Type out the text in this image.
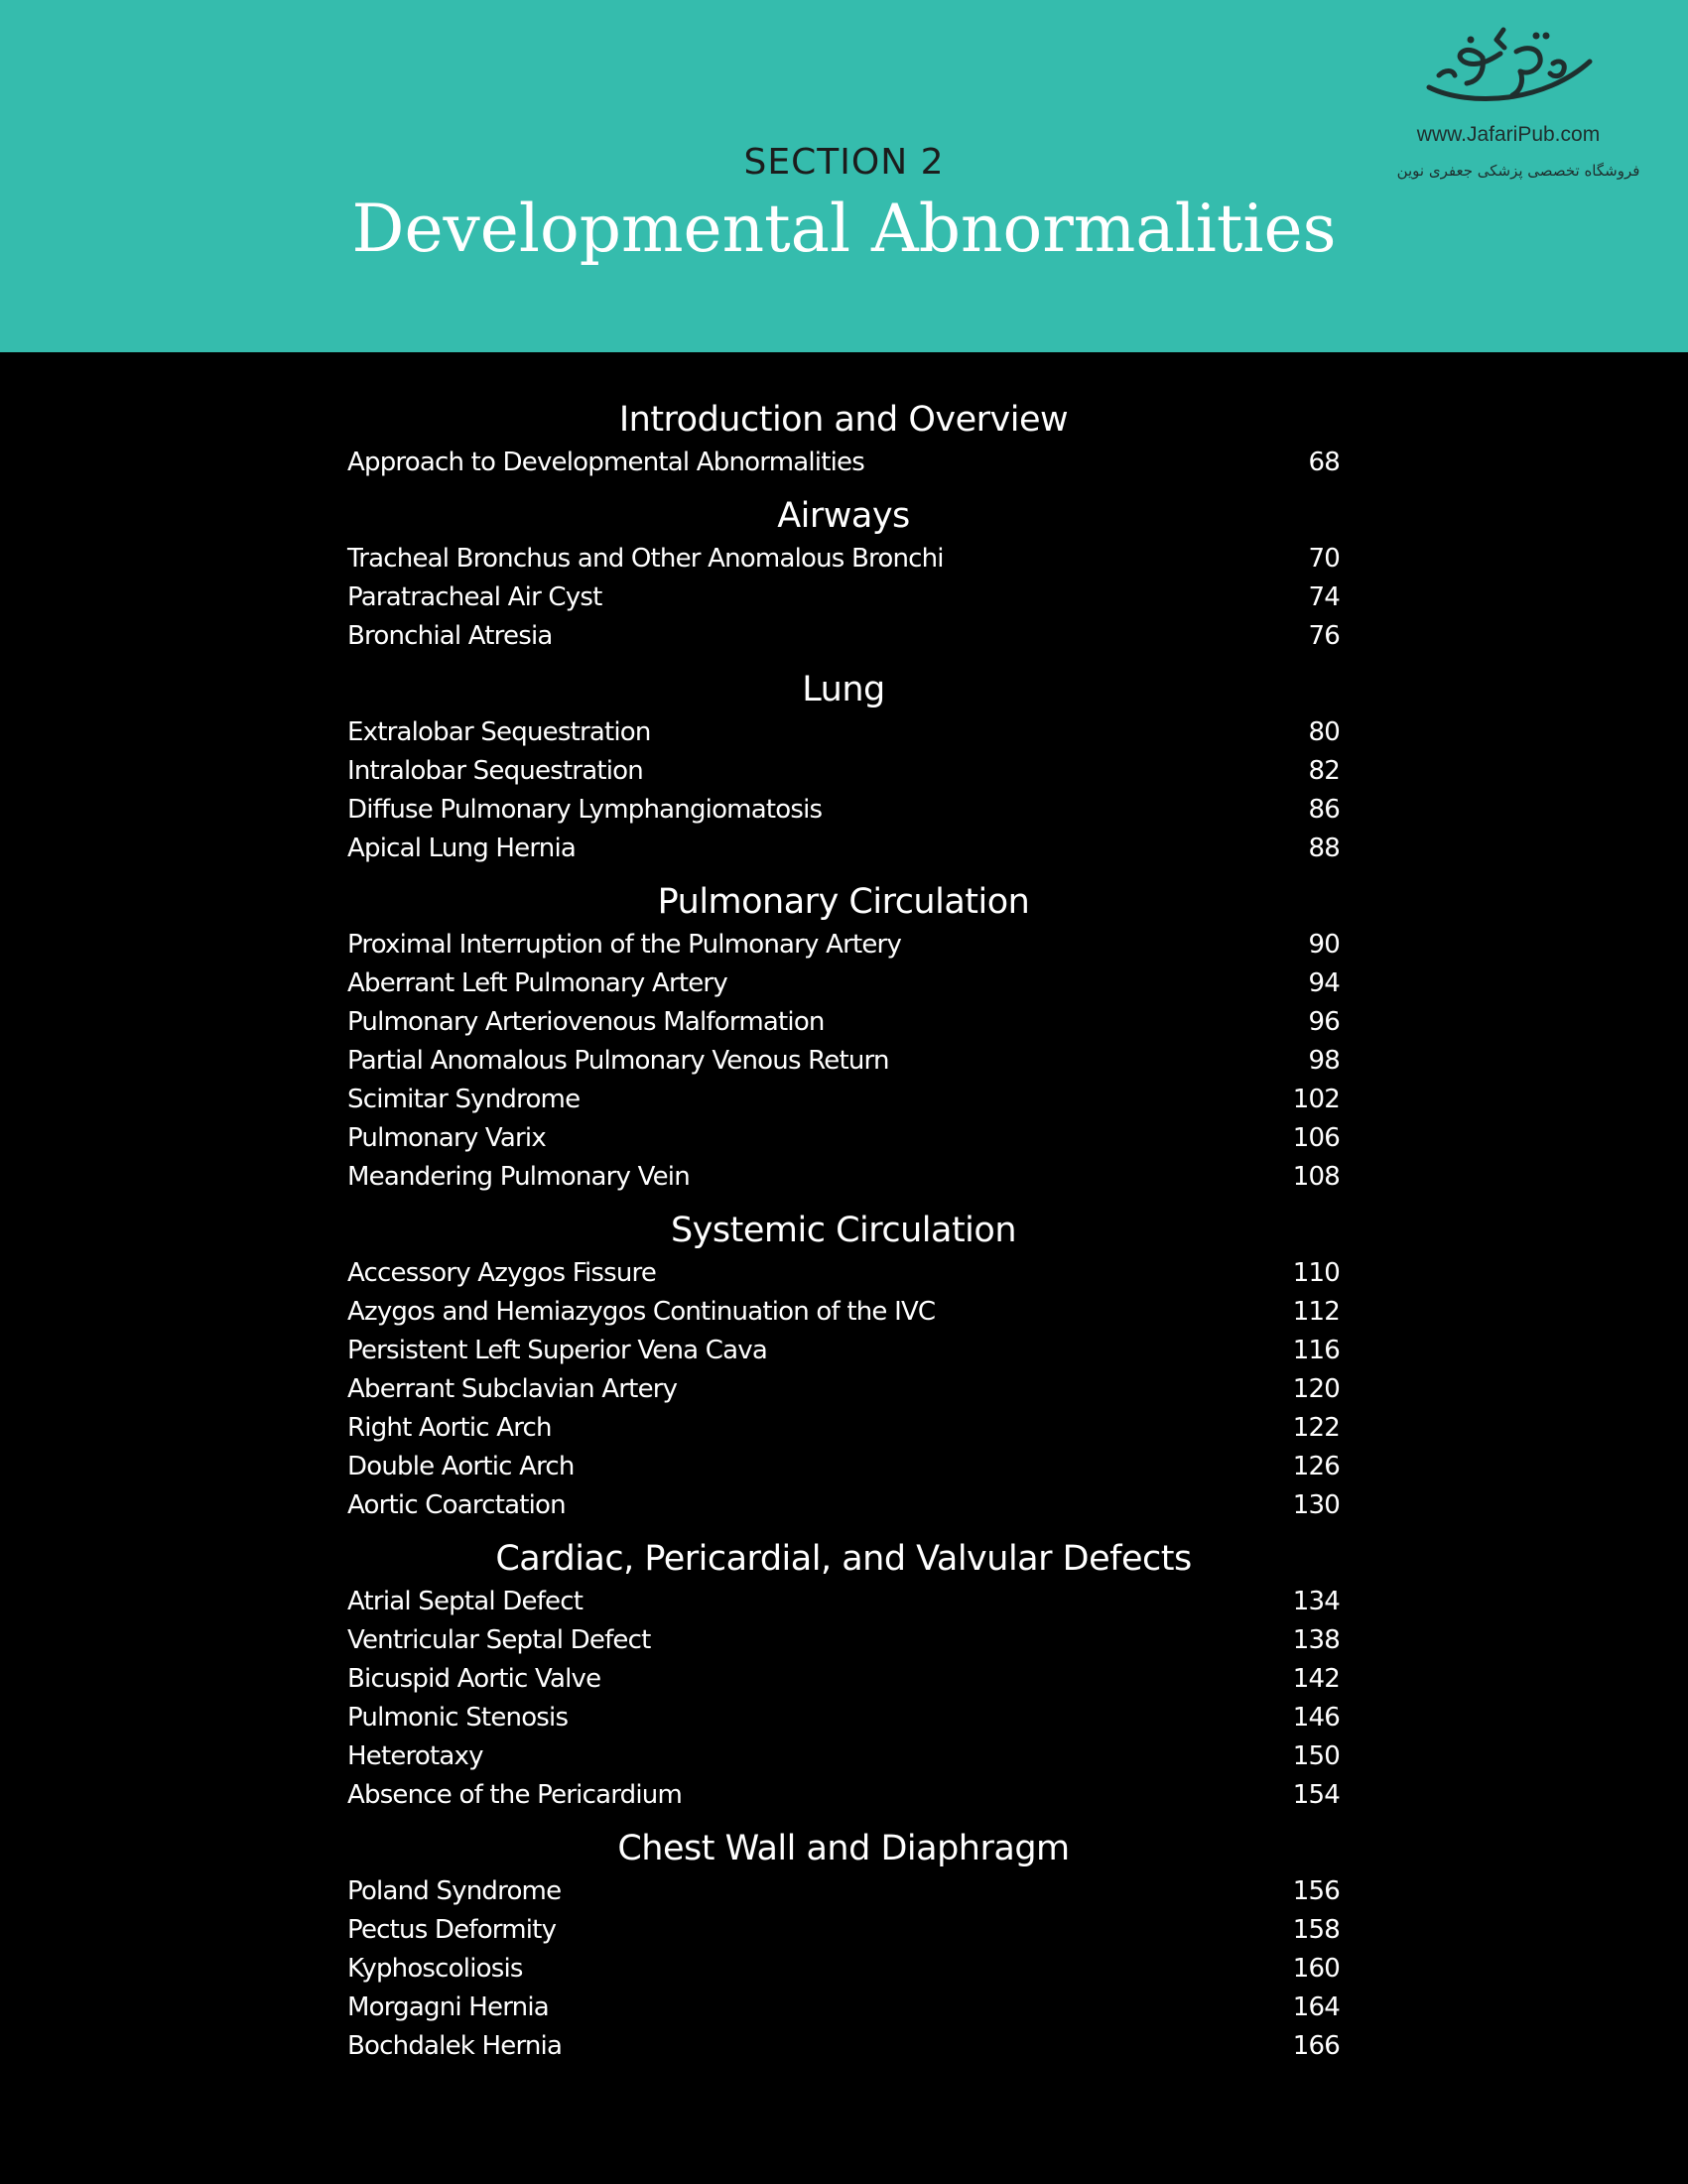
SECTION 2
Developmental Abnormalities
www.JafariPub.com
فروشگاه تخصصی پزشکی جعفری نوین
Introduction and Overview
Approach to Developmental Abnormalities	68
Airways
Tracheal Bronchus and Other Anomalous Bronchi	70
Paratracheal Air Cyst	74
Bronchial Atresia	76
Lung
Extralobar Sequestration	80
Intralobar Sequestration	82
Diffuse Pulmonary Lymphangiomatosis	86
Apical Lung Hernia	88
Pulmonary Circulation
Proximal Interruption of the Pulmonary Artery	90
Aberrant Left Pulmonary Artery	94
Pulmonary Arteriovenous Malformation	96
Partial Anomalous Pulmonary Venous Return	98
Scimitar Syndrome	102
Pulmonary Varix	106
Meandering Pulmonary Vein	108
Systemic Circulation
Accessory Azygos Fissure	110
Azygos and Hemiazygos Continuation of the IVC	112
Persistent Left Superior Vena Cava	116
Aberrant Subclavian Artery	120
Right Aortic Arch	122
Double Aortic Arch	126
Aortic Coarctation	130
Cardiac, Pericardial, and Valvular Defects
Atrial Septal Defect	134
Ventricular Septal Defect	138
Bicuspid Aortic Valve	142
Pulmonic Stenosis	146
Heterotaxy	150
Absence of the Pericardium	154
Chest Wall and Diaphragm
Poland Syndrome	156
Pectus Deformity	158
Kyphoscoliosis	160
Morgagni Hernia	164
Bochdalek Hernia	166
